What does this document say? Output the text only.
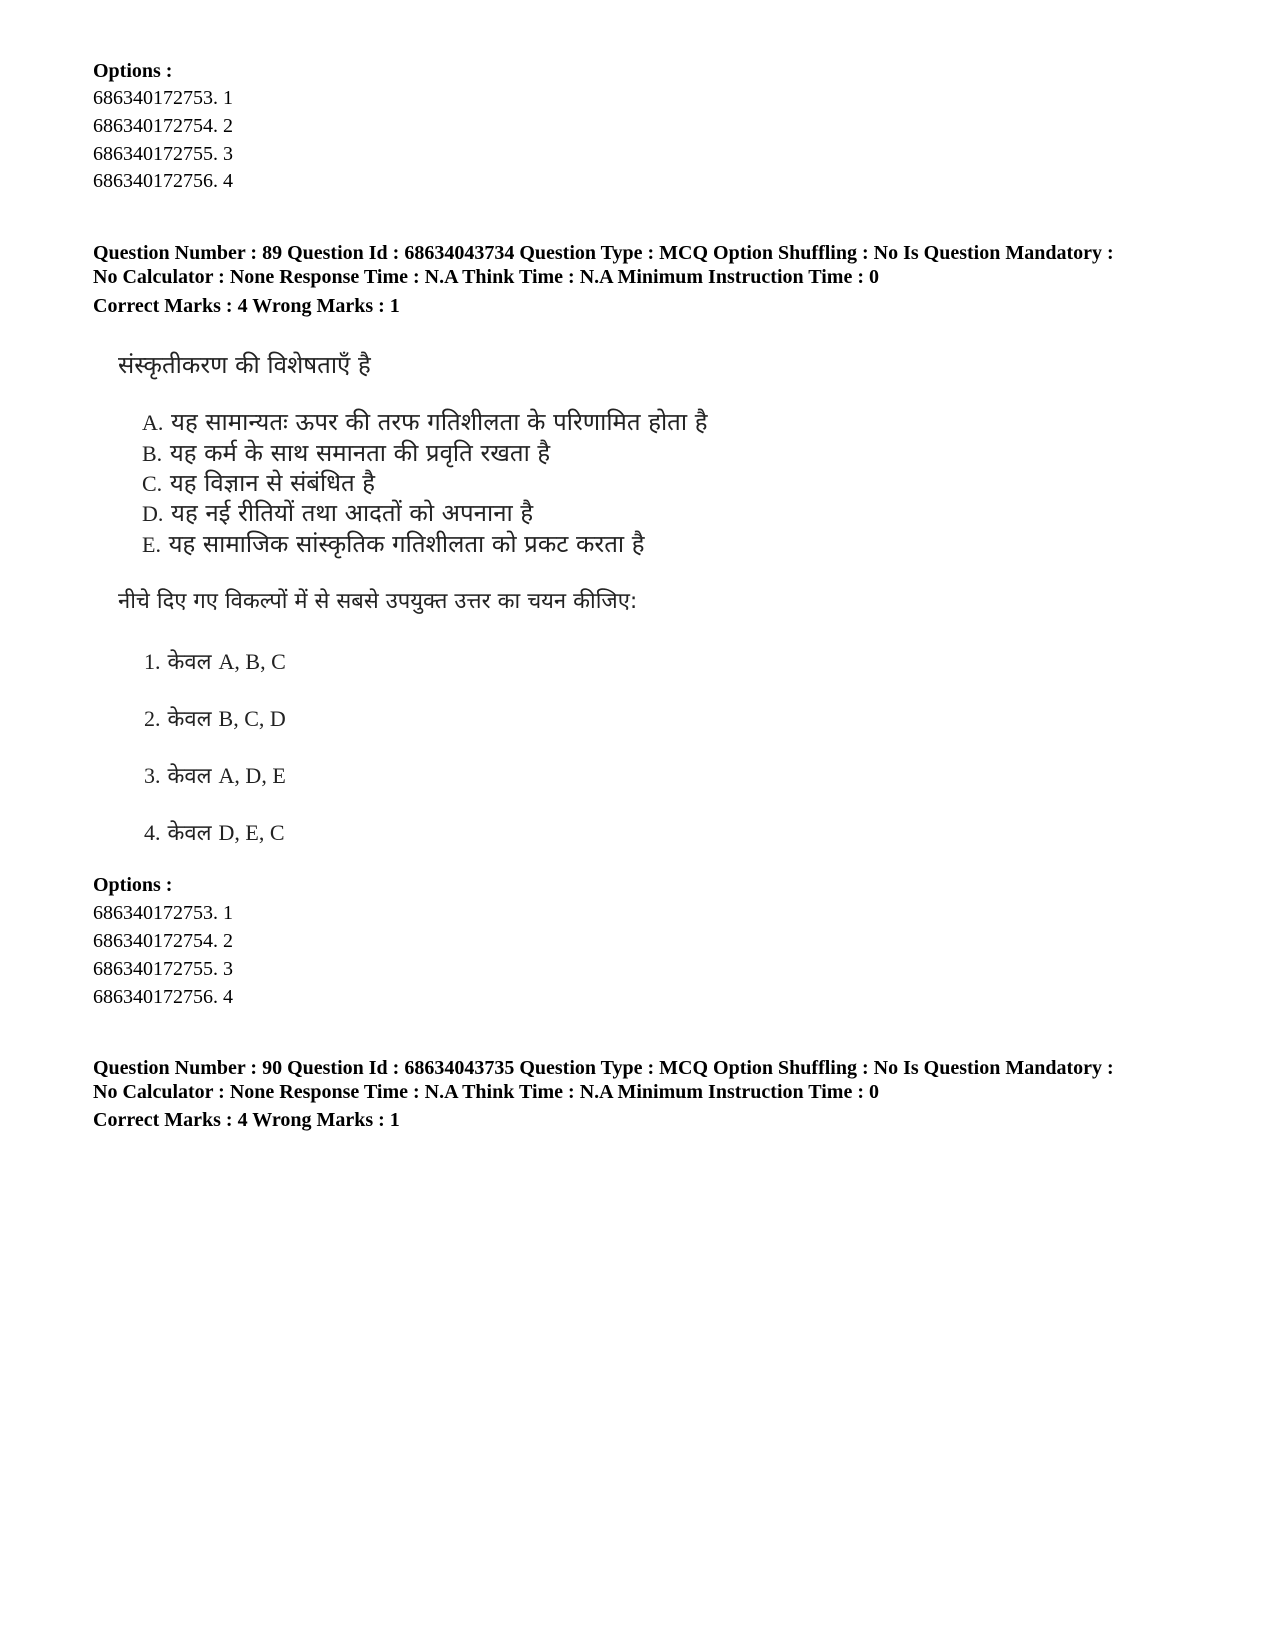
Options :
686340172753. 1
686340172754. 2
686340172755. 3
686340172756. 4
Question Number : 89 Question Id : 68634043734 Question Type : MCQ Option Shuffling : No Is Question Mandatory :
No Calculator : None Response Time : N.A Think Time : N.A Minimum Instruction Time : 0
Correct Marks : 4 Wrong Marks : 1
संस्कृतीकरण की विशेषताएँ है
A. यह सामान्यतः ऊपर की तरफ गतिशीलता के परिणामित होता है
B. यह कर्म के साथ समानता की प्रवृति रखता है
C. यह विज्ञान से संबंधित है
D. यह नई रीतियों तथा आदतों को अपनाना है
E. यह सामाजिक सांस्कृतिक गतिशीलता को प्रकट करता है
नीचे दिए गए विकल्पों में से सबसे उपयुक्त उत्तर का चयन कीजिए:
1. केवल A, B, C
2. केवल B, C, D
3. केवल A, D, E
4. केवल D, E, C
Options :
686340172753. 1
686340172754. 2
686340172755. 3
686340172756. 4
Question Number : 90 Question Id : 68634043735 Question Type : MCQ Option Shuffling : No Is Question Mandatory :
No Calculator : None Response Time : N.A Think Time : N.A Minimum Instruction Time : 0
Correct Marks : 4 Wrong Marks : 1
